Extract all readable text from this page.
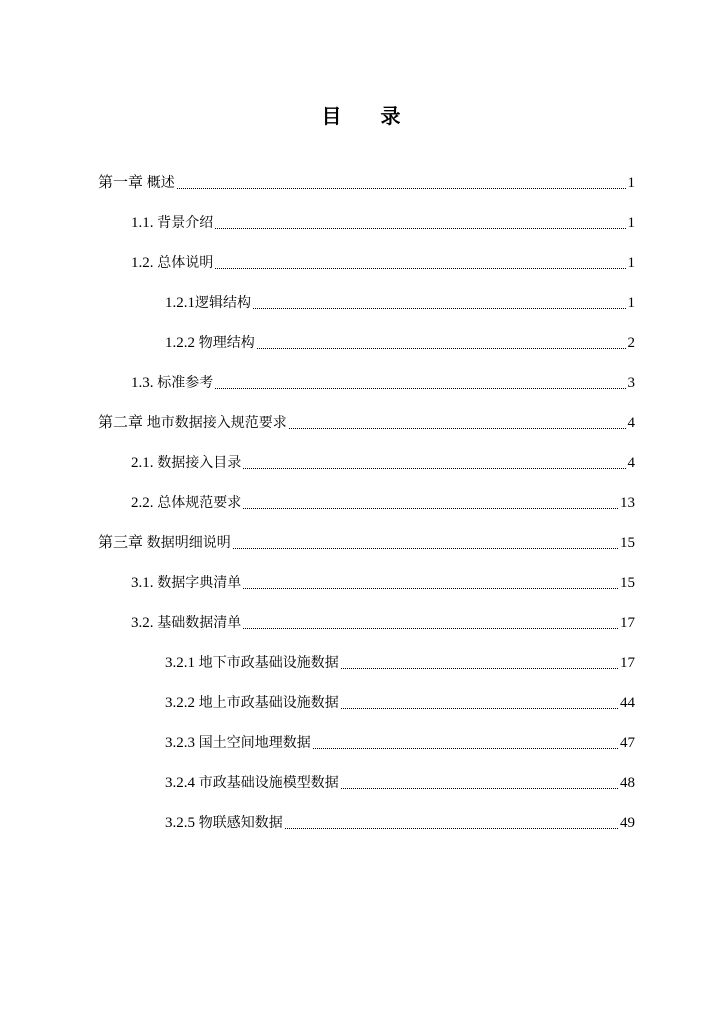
目 录
第一章 概述	1
1.1. 背景介绍	1
1.2. 总体说明	1
1.2.1逻辑结构	1
1.2.2 物理结构	2
1.3. 标准参考	3
第二章 地市数据接入规范要求	4
2.1. 数据接入目录	4
2.2. 总体规范要求	13
第三章 数据明细说明	15
3.1. 数据字典清单	15
3.2. 基础数据清单	17
3.2.1 地下市政基础设施数据	17
3.2.2 地上市政基础设施数据	44
3.2.3 国土空间地理数据	47
3.2.4 市政基础设施模型数据	48
3.2.5 物联感知数据	49
